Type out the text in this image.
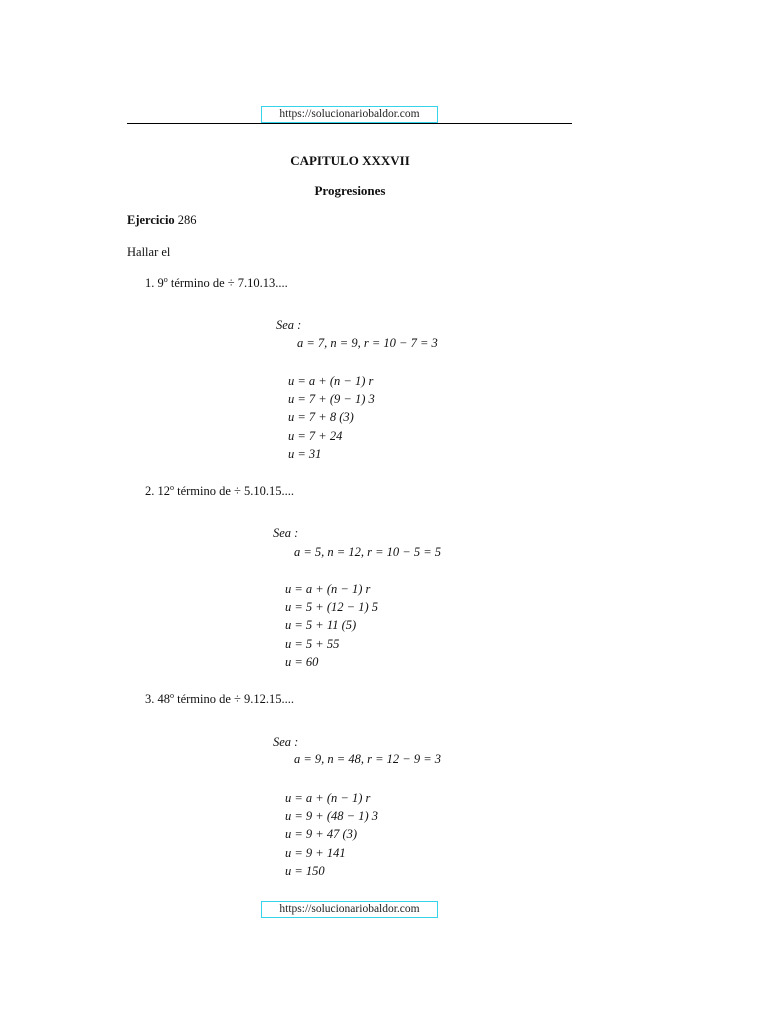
https://solucionariobaldor.com
CAPITULO XXXVII
Progresiones
Ejercicio 286
Hallar el
1. 9$^o$ término de ÷ 7.10.13....
Sea :
a = 7, n = 9, r = 10 − 7 = 3
u = a + (n − 1) r
u = 7 + (9 − 1) 3
u = 7 + 8 (3)
u = 7 + 24
u = 31
2. 12$^o$ término de ÷ 5.10.15....
Sea :
a = 5, n = 12, r = 10 − 5 = 5
u = a + (n − 1) r
u = 5 + (12 − 1) 5
u = 5 + 11 (5)
u = 5 + 55
u = 60
3. 48$^o$ término de ÷ 9.12.15....
Sea :
a = 9, n = 48, r = 12 − 9 = 3
u = a + (n − 1) r
u = 9 + (48 − 1) 3
u = 9 + 47 (3)
u = 9 + 141
u = 150
https://solucionariobaldor.com
